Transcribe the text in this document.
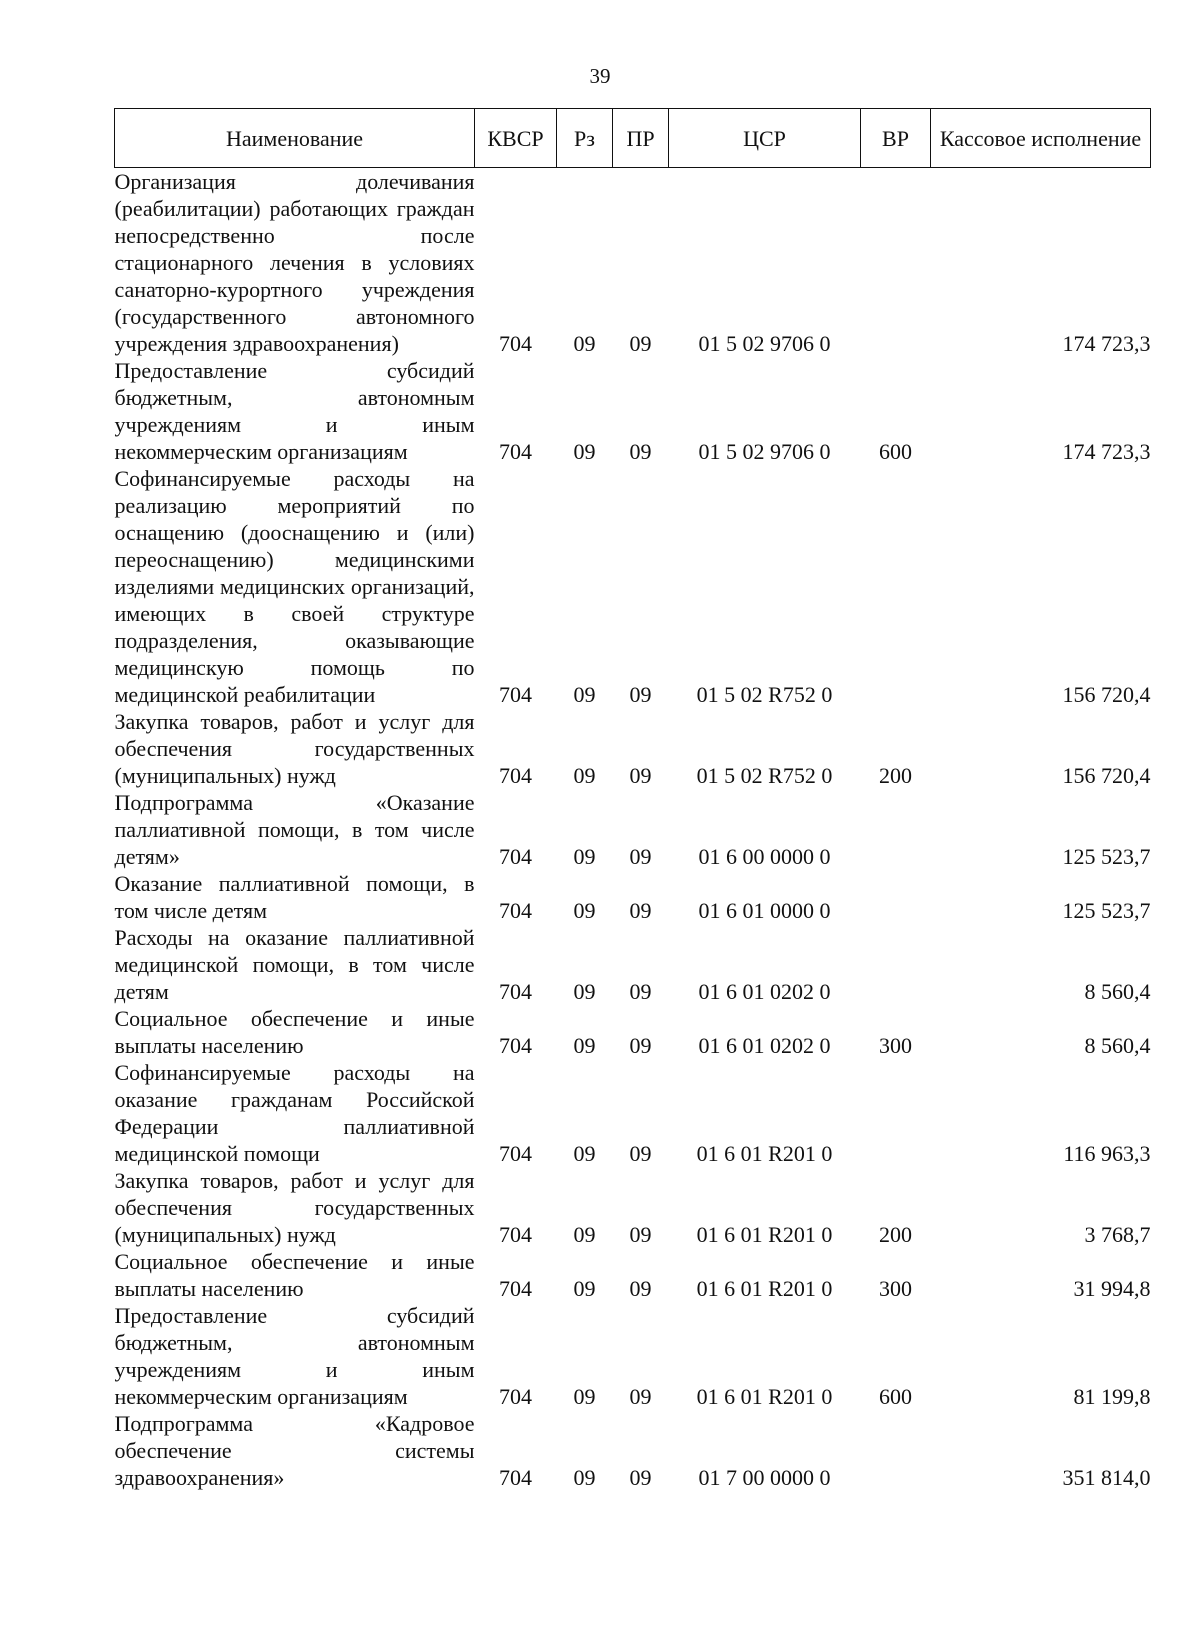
39
Наименование	КВСР	Рз	ПР	ЦСР	ВР	Кассовое исполнение
Организация долечивания (реабилитации) работающих граждан непосредственно после стационарного лечения в условиях санаторно-курортного учреждения (государственного автономного учреждения здравоохранения)	704	09	09	01 5 02 9706 0		174 723,3
Предоставление субсидий бюджетным, автономным учреждениям и иным некоммерческим организациям	704	09	09	01 5 02 9706 0	600	174 723,3
Софинансируемые расходы на реализацию мероприятий по оснащению (дооснащению и (или) переоснащению) медицинскими изделиями медицинских организаций, имеющих в своей структуре подразделения, оказывающие медицинскую помощь по медицинской реабилитации	704	09	09	01 5 02 R752 0		156 720,4
Закупка товаров, работ и услуг для обеспечения государственных (муниципальных) нужд	704	09	09	01 5 02 R752 0	200	156 720,4
Подпрограмма «Оказание паллиативной помощи, в том числе детям»	704	09	09	01 6 00 0000 0		125 523,7
Оказание паллиативной помощи, в том числе детям	704	09	09	01 6 01 0000 0		125 523,7
Расходы на оказание паллиативной медицинской помощи, в том числе детям	704	09	09	01 6 01 0202 0		8 560,4
Социальное обеспечение и иные выплаты населению	704	09	09	01 6 01 0202 0	300	8 560,4
Софинансируемые расходы на оказание гражданам Российской Федерации паллиативной медицинской помощи	704	09	09	01 6 01 R201 0		116 963,3
Закупка товаров, работ и услуг для обеспечения государственных (муниципальных) нужд	704	09	09	01 6 01 R201 0	200	3 768,7
Социальное обеспечение и иные выплаты населению	704	09	09	01 6 01 R201 0	300	31 994,8
Предоставление субсидий бюджетным, автономным учреждениям и иным некоммерческим организациям	704	09	09	01 6 01 R201 0	600	81 199,8
Подпрограмма «Кадровое обеспечение системы здравоохранения»	704	09	09	01 7 00 0000 0		351 814,0
